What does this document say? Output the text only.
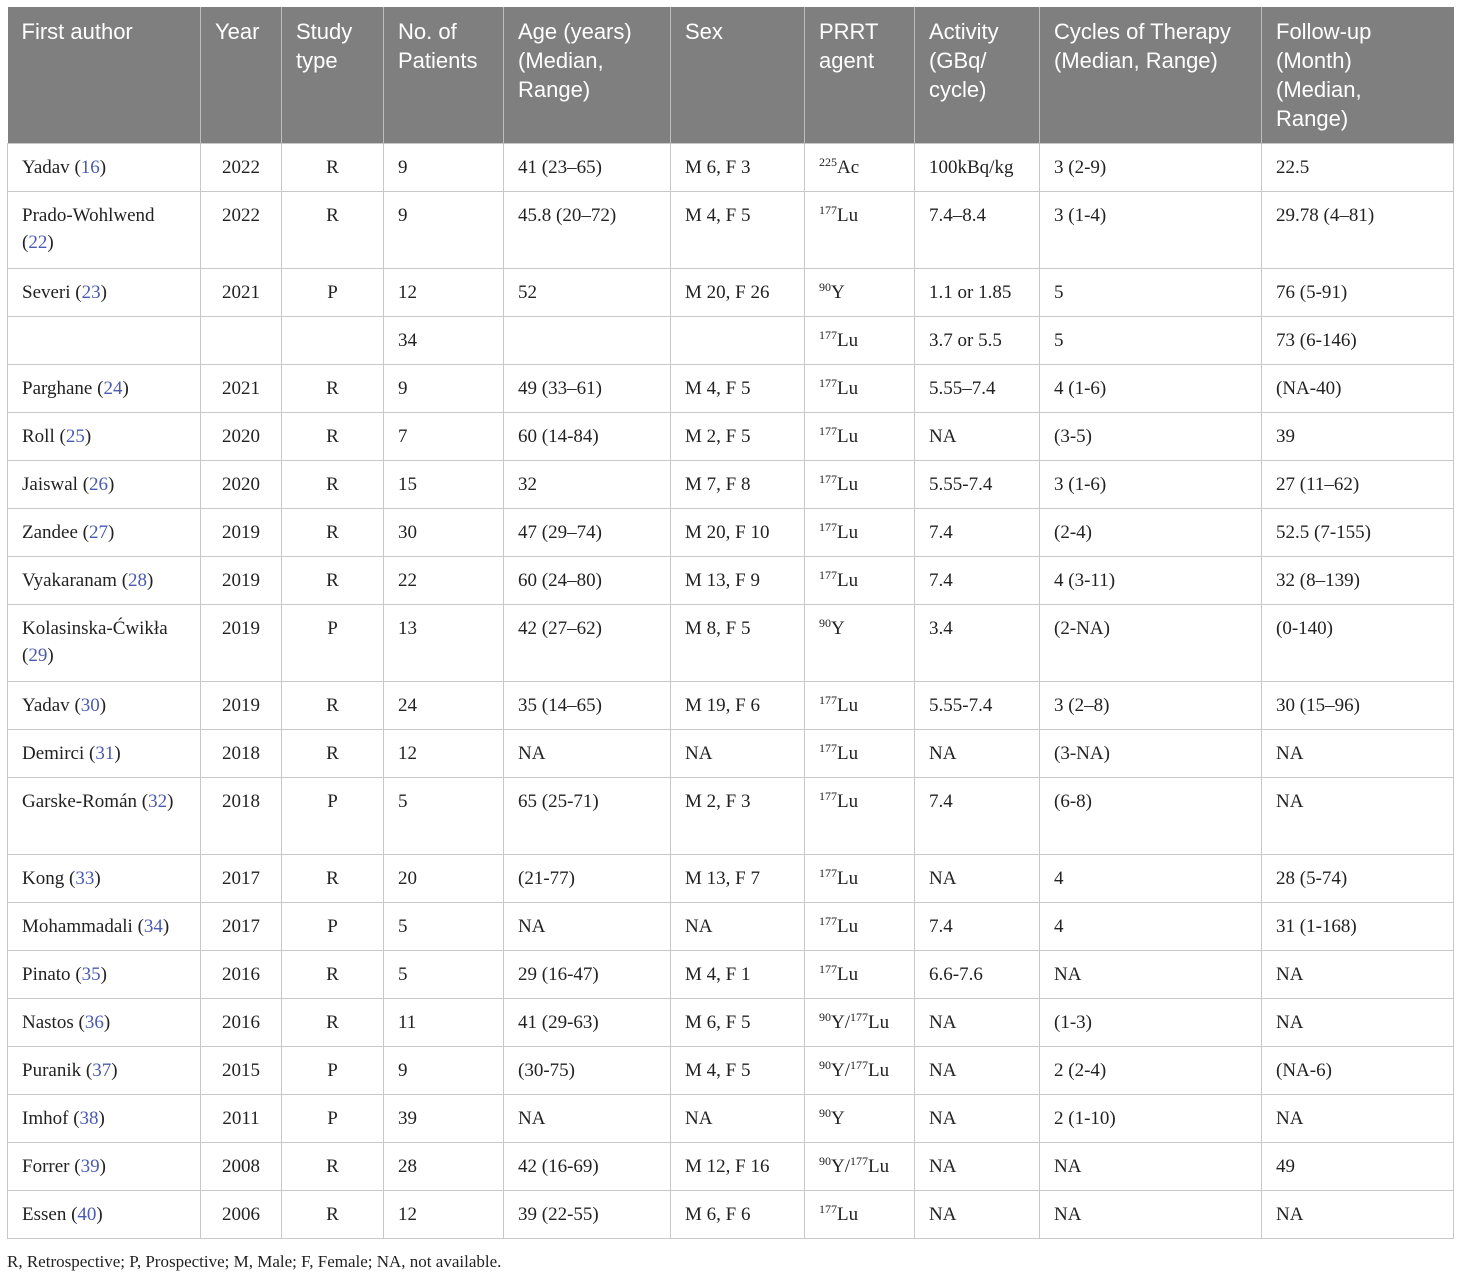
First author	Year	Study type	No. of Patients	Age (years) (Median, Range)	Sex	PRRT agent	Activity (GBq/ cycle)	Cycles of Therapy (Median, Range)	Follow-up (Month) (Median, Range)
Yadav (16)	2022	R	9	41 (23–65)	M 6, F 3	$^{225}$Ac	100kBq/kg	3 (2-9)	22.5
Prado-Wohlwend (22)	2022	R	9	45.8 (20–72)	M 4, F 5	$^{177}$Lu	7.4–8.4	3 (1-4)	29.78 (4–81)
Severi (23)	2021	P	12	52	M 20, F 26	$^{90}$Y	1.1 or 1.85	5	76 (5-91)
			34			$^{177}$Lu	3.7 or 5.5	5	73 (6-146)
Parghane (24)	2021	R	9	49 (33–61)	M 4, F 5	$^{177}$Lu	5.55–7.4	4 (1-6)	(NA-40)
Roll (25)	2020	R	7	60 (14-84)	M 2, F 5	$^{177}$Lu	NA	(3-5)	39
Jaiswal (26)	2020	R	15	32	M 7, F 8	$^{177}$Lu	5.55-7.4	3 (1-6)	27 (11–62)
Zandee (27)	2019	R	30	47 (29–74)	M 20, F 10	$^{177}$Lu	7.4	(2-4)	52.5 (7-155)
Vyakaranam (28)	2019	R	22	60 (24–80)	M 13, F 9	$^{177}$Lu	7.4	4 (3-11)	32 (8–139)
Kolasinska-Ćwikła (29)	2019	P	13	42 (27–62)	M 8, F 5	$^{90}$Y	3.4	(2-NA)	(0-140)
Yadav (30)	2019	R	24	35 (14–65)	M 19, F 6	$^{177}$Lu	5.55-7.4	3 (2–8)	30 (15–96)
Demirci (31)	2018	R	12	NA	NA	$^{177}$Lu	NA	(3-NA)	NA
Garske-Román (32)	2018	P	5	65 (25-71)	M 2, F 3	$^{177}$Lu	7.4	(6-8)	NA
Kong (33)	2017	R	20	(21-77)	M 13, F 7	$^{177}$Lu	NA	4	28 (5-74)
Mohammadali (34)	2017	P	5	NA	NA	$^{177}$Lu	7.4	4	31 (1-168)
Pinato (35)	2016	R	5	29 (16-47)	M 4, F 1	$^{177}$Lu	6.6-7.6	NA	NA
Nastos (36)	2016	R	11	41 (29-63)	M 6, F 5	$^{90}$Y/$^{177}$Lu	NA	(1-3)	NA
Puranik (37)	2015	P	9	(30-75)	M 4, F 5	$^{90}$Y/$^{177}$Lu	NA	2 (2-4)	(NA-6)
Imhof (38)	2011	P	39	NA	NA	$^{90}$Y	NA	2 (1-10)	NA
Forrer (39)	2008	R	28	42 (16-69)	M 12, F 16	$^{90}$Y/$^{177}$Lu	NA	NA	49
Essen (40)	2006	R	12	39 (22-55)	M 6, F 6	$^{177}$Lu	NA	NA	NA
R, Retrospective; P, Prospective; M, Male; F, Female; NA, not available.
